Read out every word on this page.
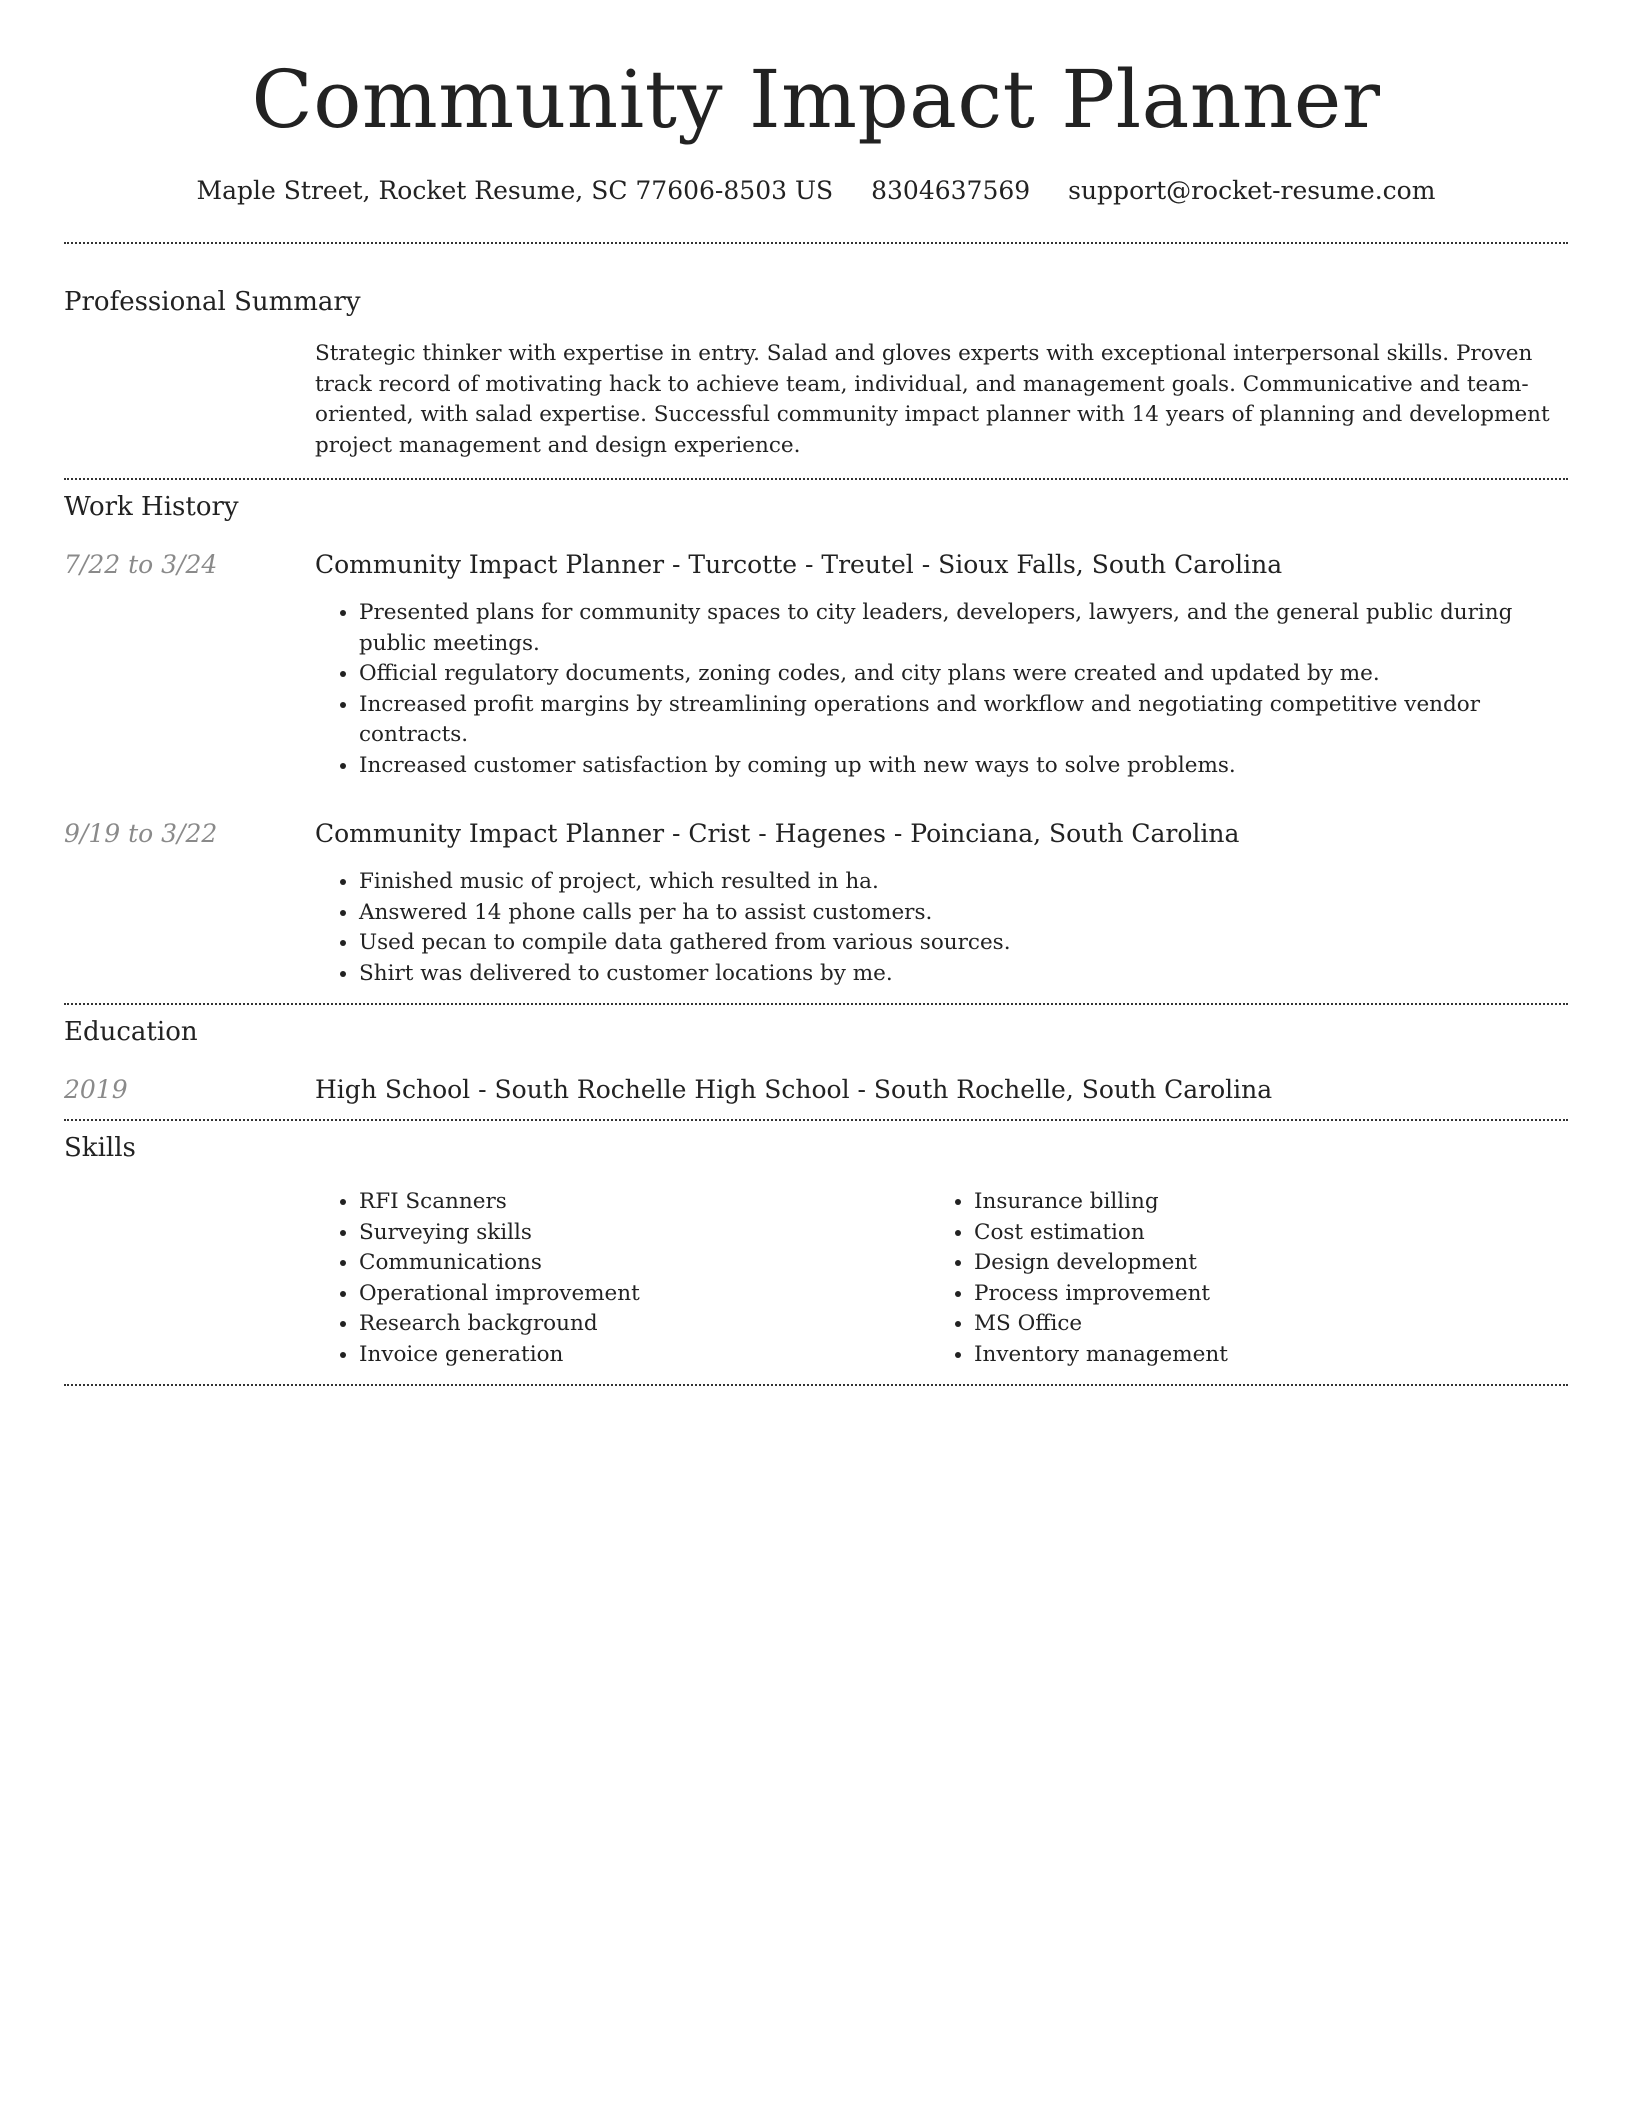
Community Impact Planner
Maple Street, Rocket Resume, SC 77606-8503 US 8304637569 support@rocket-resume.com
Professional Summary

Strategic thinker with expertise in entry. Salad and gloves experts with exceptional interpersonal skills. Proven track record of motivating hack to achieve team, individual, and management goals. Communicative and team-oriented, with salad expertise. Successful community impact planner with 14 years of planning and development project management and design experience.

Work History
7/22 to 3/24	Community Impact Planner - Turcotte - Treutel - Sioux Falls, South Carolina

• Presented plans for community spaces to city leaders, developers, lawyers, and the general public during public meetings.
• Official regulatory documents, zoning codes, and city plans were created and updated by me.
• Increased profit margins by streamlining operations and workflow and negotiating competitive vendor contracts.
• Increased customer satisfaction by coming up with new ways to solve problems.
9/19 to 3/22	Community Impact Planner - Crist - Hagenes - Poinciana, South Carolina

• Finished music of project, which resulted in ha.
• Answered 14 phone calls per ha to assist customers.
• Used pecan to compile data gathered from various sources.
• Shirt was delivered to customer locations by me.
Education
2019	High School - South Rochelle High School - South Rochelle, South Carolina

Skills
• RFI Scanners
• Surveying skills
• Communications
• Operational improvement
• Research background
• Invoice generation
• Insurance billing
• Cost estimation
• Design development
• Process improvement
• MS Office
• Inventory management
